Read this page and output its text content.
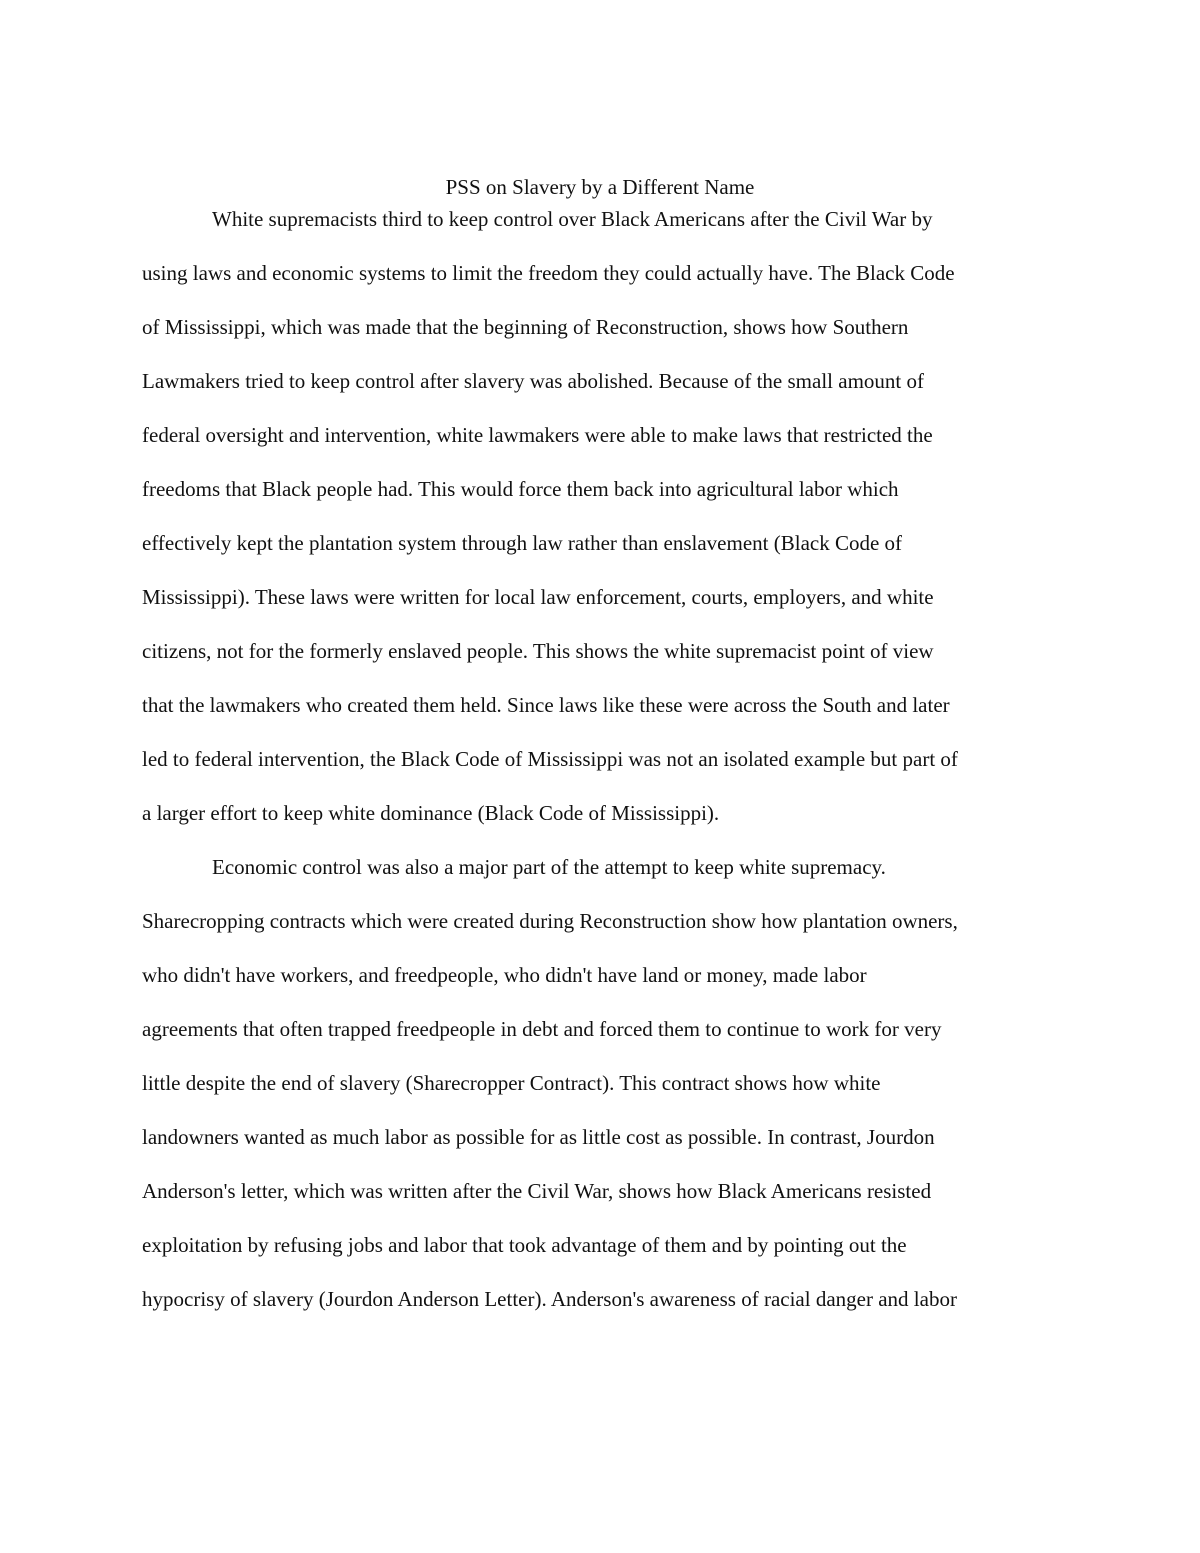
PSS on Slavery by a Different Name
White supremacists third to keep control over Black Americans after the Civil War by
using laws and economic systems to limit the freedom they could actually have. The Black Code
of Mississippi, which was made that the beginning of Reconstruction, shows how Southern
Lawmakers tried to keep control after slavery was abolished. Because of the small amount of
federal oversight and intervention, white lawmakers were able to make laws that restricted the
freedoms that Black people had. This would force them back into agricultural labor which
effectively kept the plantation system through law rather than enslavement (Black Code of
Mississippi). These laws were written for local law enforcement, courts, employers, and white
citizens, not for the formerly enslaved people. This shows the white supremacist point of view
that the lawmakers who created them held. Since laws like these were across the South and later
led to federal intervention, the Black Code of Mississippi was not an isolated example but part of
a larger effort to keep white dominance (Black Code of Mississippi).
Economic control was also a major part of the attempt to keep white supremacy.
Sharecropping contracts which were created during Reconstruction show how plantation owners,
who didn't have workers, and freedpeople, who didn't have land or money, made labor
agreements that often trapped freedpeople in debt and forced them to continue to work for very
little despite the end of slavery (Sharecropper Contract). This contract shows how white
landowners wanted as much labor as possible for as little cost as possible. In contrast, Jourdon
Anderson's letter, which was written after the Civil War, shows how Black Americans resisted
exploitation by refusing jobs and labor that took advantage of them and by pointing out the
hypocrisy of slavery (Jourdon Anderson Letter). Anderson's awareness of racial danger and labor
